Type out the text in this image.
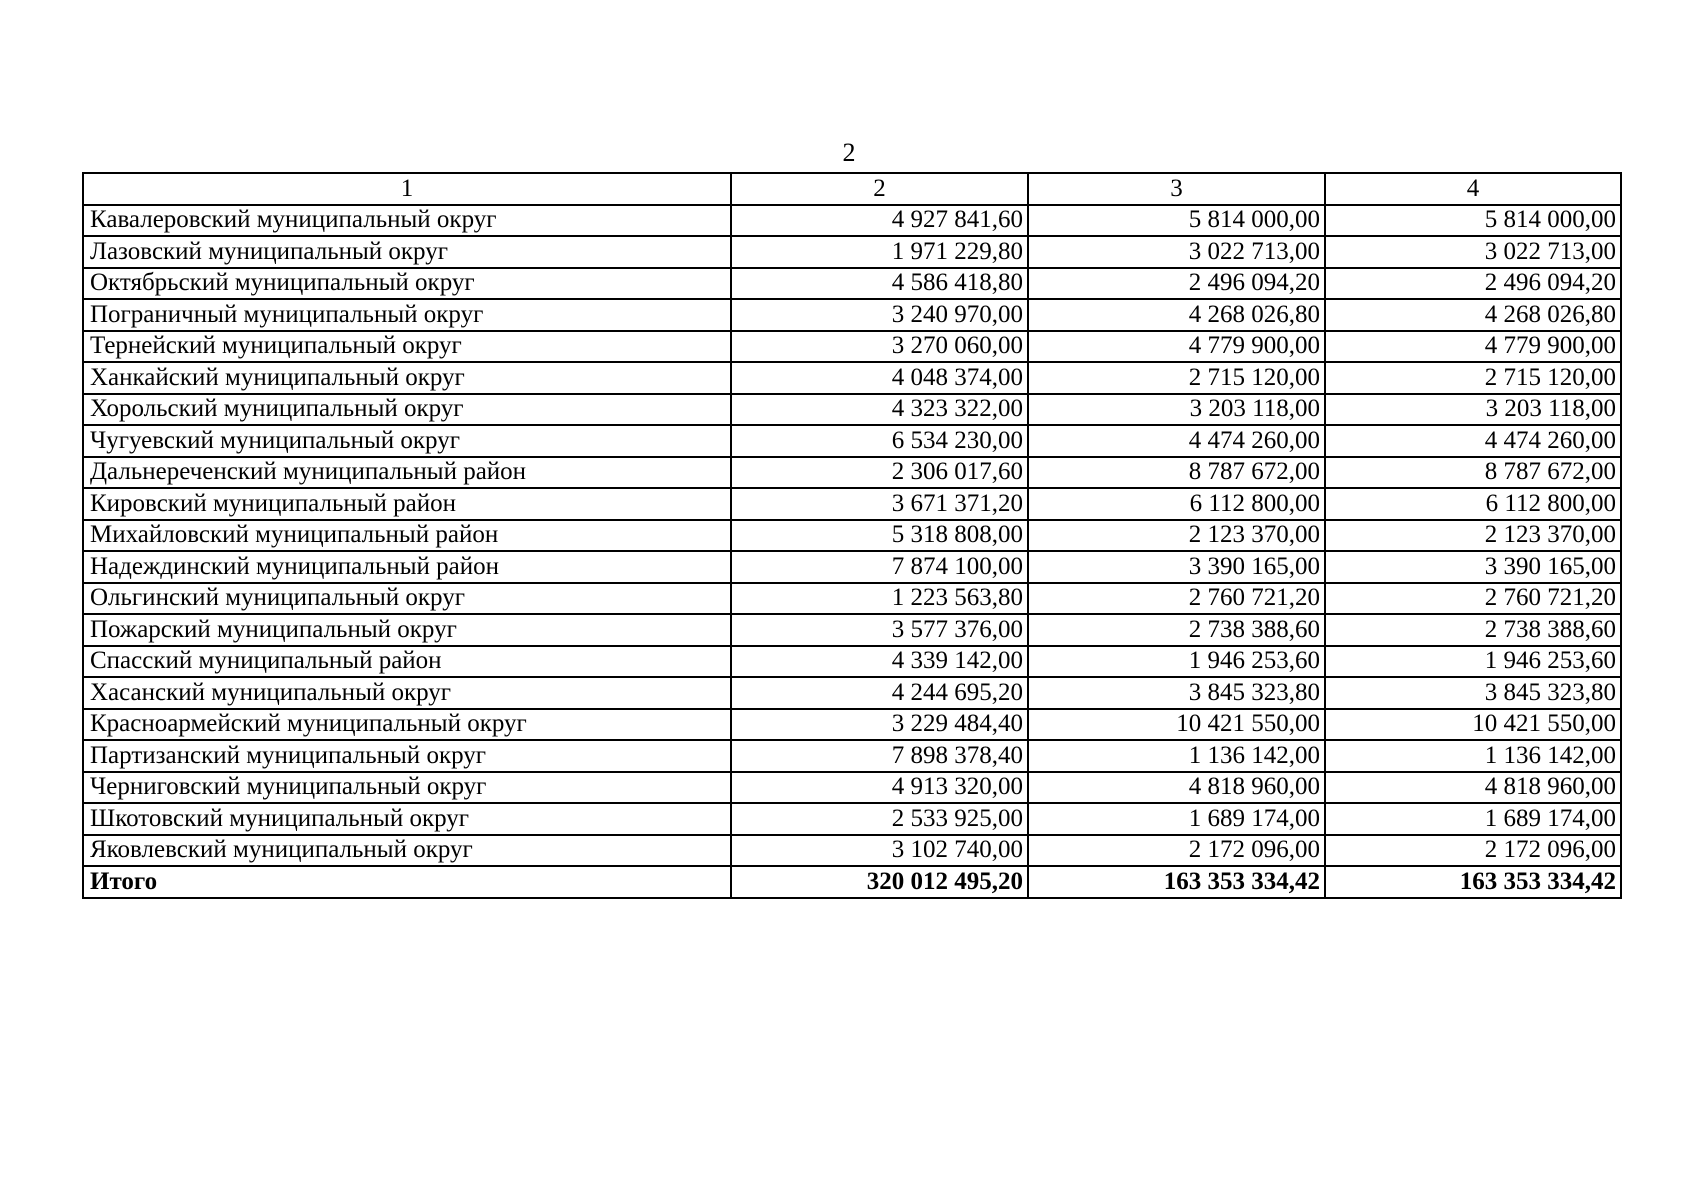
2
1	2	3	4
Кавалеровский муниципальный округ	4 927 841,60	5 814 000,00	5 814 000,00
Лазовский муниципальный округ	1 971 229,80	3 022 713,00	3 022 713,00
Октябрьский муниципальный округ	4 586 418,80	2 496 094,20	2 496 094,20
Пограничный муниципальный округ	3 240 970,00	4 268 026,80	4 268 026,80
Тернейский муниципальный округ	3 270 060,00	4 779 900,00	4 779 900,00
Ханкайский муниципальный округ	4 048 374,00	2 715 120,00	2 715 120,00
Хорольский муниципальный округ	4 323 322,00	3 203 118,00	3 203 118,00
Чугуевский муниципальный округ	6 534 230,00	4 474 260,00	4 474 260,00
Дальнереченский муниципальный район	2 306 017,60	8 787 672,00	8 787 672,00
Кировский муниципальный район	3 671 371,20	6 112 800,00	6 112 800,00
Михайловский муниципальный район	5 318 808,00	2 123 370,00	2 123 370,00
Надеждинский муниципальный район	7 874 100,00	3 390 165,00	3 390 165,00
Ольгинский муниципальный округ	1 223 563,80	2 760 721,20	2 760 721,20
Пожарский муниципальный округ	3 577 376,00	2 738 388,60	2 738 388,60
Спасский муниципальный район	4 339 142,00	1 946 253,60	1 946 253,60
Хасанский муниципальный округ	4 244 695,20	3 845 323,80	3 845 323,80
Красноармейский муниципальный округ	3 229 484,40	10 421 550,00	10 421 550,00
Партизанский муниципальный округ	7 898 378,40	1 136 142,00	1 136 142,00
Черниговский муниципальный округ	4 913 320,00	4 818 960,00	4 818 960,00
Шкотовский муниципальный округ	2 533 925,00	1 689 174,00	1 689 174,00
Яковлевский муниципальный округ	3 102 740,00	2 172 096,00	2 172 096,00
Итого	320 012 495,20	163 353 334,42	163 353 334,42
